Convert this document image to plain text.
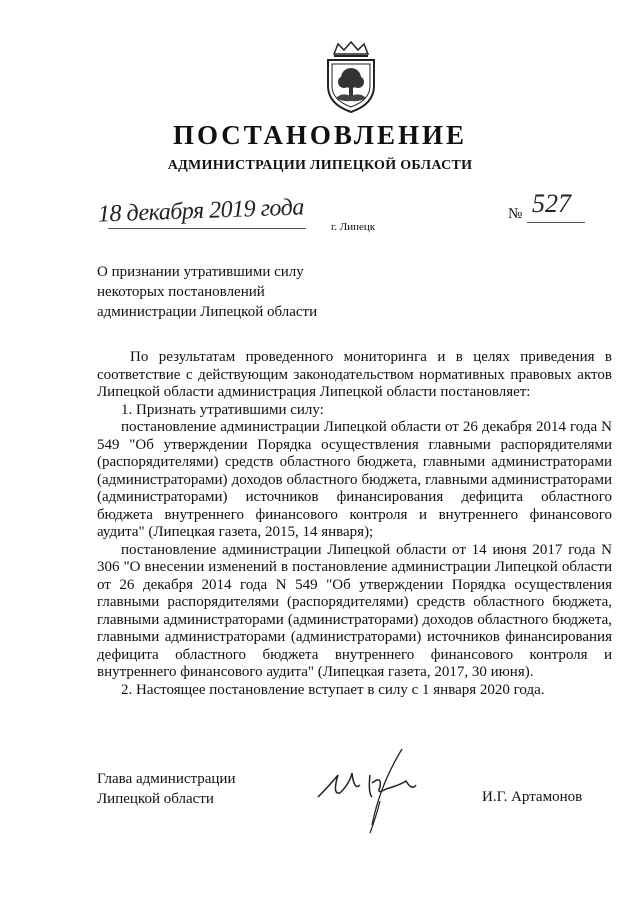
ПОСТАНОВЛЕНИЕ
АДМИНИСТРАЦИИ ЛИПЕЦКОЙ ОБЛАСТИ
18 декабря 2019 года г. Липецк
№ 527
О признании утратившими силу
некоторых постановлений
администрации Липецкой области

По результатам проведенного мониторинга и в целях приведения в соответствие с действующим законодательством нормативных правовых актов Липецкой области администрация Липецкой области постановляет:

1. Признать утратившими силу:

постановление администрации Липецкой области от 26 декабря 2014 года N 549 "Об утверждении Порядка осуществления главными распорядителями (распорядителями) средств областного бюджета, главными администраторами (администраторами) доходов областного бюджета, главными администраторами (администраторами) источников финансирования дефицита областного бюджета внутреннего финансового контроля и внутреннего финансового аудита" (Липецкая газета, 2015, 14 января);

постановление администрации Липецкой области от 14 июня 2017 года N 306 "О внесении изменений в постановление администрации Липецкой области от 26 декабря 2014 года N 549 "Об утверждении Порядка осуществления главными распорядителями (распорядителями) средств областного бюджета, главными администраторами (администраторами) доходов областного бюджета, главными администраторами (администраторами) источников финансирования дефицита областного бюджета внутреннего финансового контроля и внутреннего финансового аудита" (Липецкая газета, 2017, 30 июня).

2. Настоящее постановление вступает в силу с 1 января 2020 года.

Глава администрации
Липецкой области	И.Г. Артамонов
